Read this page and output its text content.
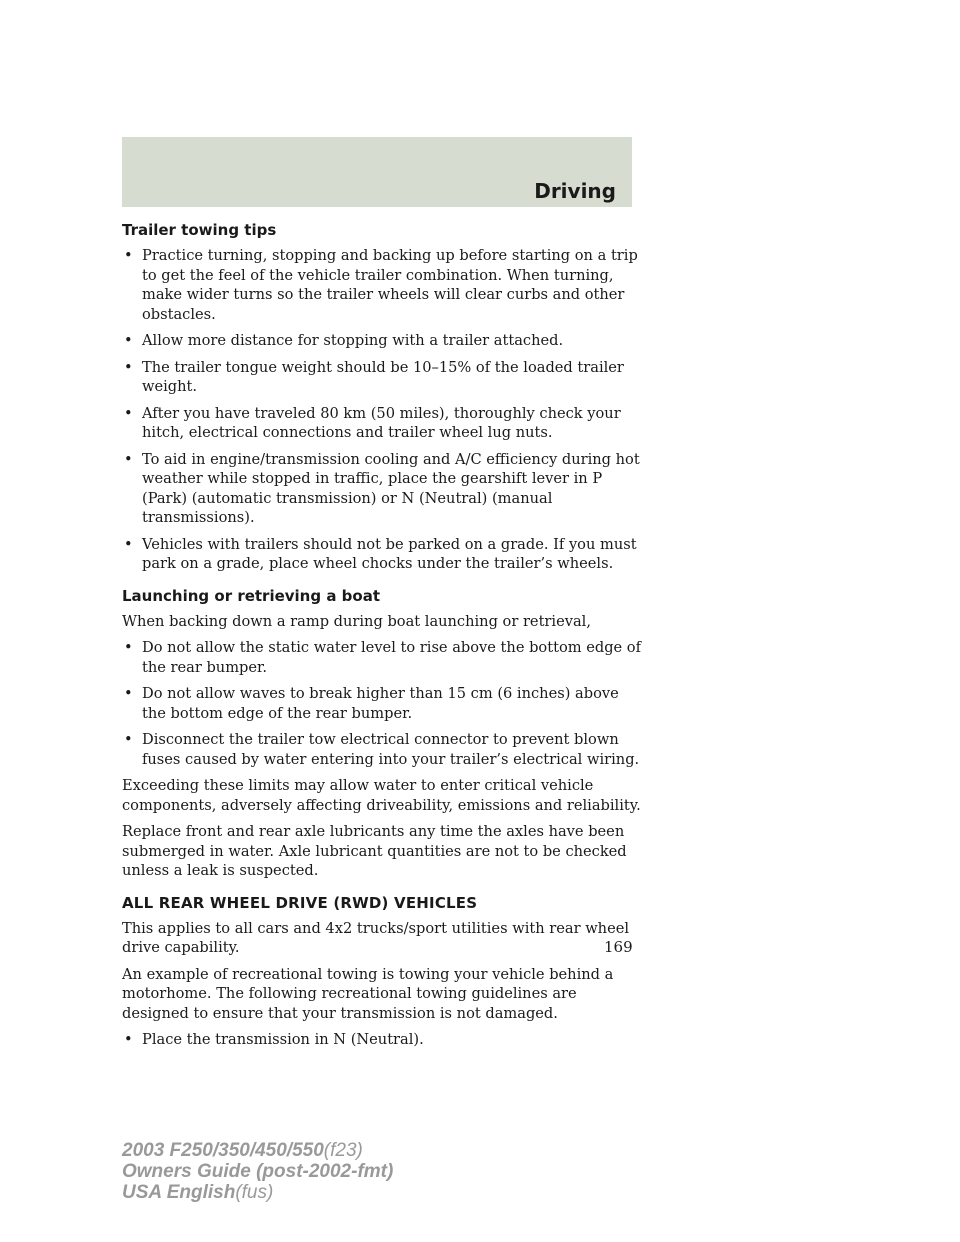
Driving
Trailer towing tips
• Practice turning, stopping and backing up before starting on a trip to get the feel of the vehicle trailer combination. When turning, make wider turns so the trailer wheels will clear curbs and other obstacles.
• Allow more distance for stopping with a trailer attached.
• The trailer tongue weight should be 10–15% of the loaded trailer weight.
• After you have traveled 80 km (50 miles), thoroughly check your hitch, electrical connections and trailer wheel lug nuts.
• To aid in engine/transmission cooling and A/C efficiency during hot weather while stopped in traffic, place the gearshift lever in P (Park) (automatic transmission) or N (Neutral) (manual transmissions).
• Vehicles with trailers should not be parked on a grade. If you must park on a grade, place wheel chocks under the trailer’s wheels.
Launching or retrieving a boat

When backing down a ramp during boat launching or retrieval,

• Do not allow the static water level to rise above the bottom edge of the rear bumper.
• Do not allow waves to break higher than 15 cm (6 inches) above the bottom edge of the rear bumper.
• Disconnect the trailer tow electrical connector to prevent blown fuses caused by water entering into your trailer’s electrical wiring.

Exceeding these limits may allow water to enter critical vehicle components, adversely affecting driveability, emissions and reliability.

Replace front and rear axle lubricants any time the axles have been submerged in water. Axle lubricant quantities are not to be checked unless a leak is suspected.

ALL REAR WHEEL DRIVE (RWD) VEHICLES

This applies to all cars and 4x2 trucks/sport utilities with rear wheel drive capability.

An example of recreational towing is towing your vehicle behind a motorhome. The following recreational towing guidelines are designed to ensure that your transmission is not damaged.

• Place the transmission in N (Neutral).
169
2003 F250/350/450/550(f23)
Owners Guide (post-2002-fmt)
USA English(fus)
